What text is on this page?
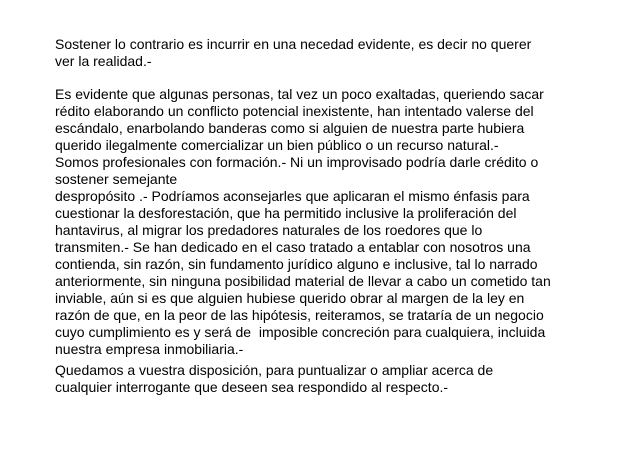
Sostener lo contrario es incurrir en una necedad evidente, es decir no querer
ver la realidad.-

Es evidente que algunas personas, tal vez un poco exaltadas, queriendo sacar
rédito elaborando un conflicto potencial inexistente, han intentado valerse del
escándalo, enarbolando banderas como si alguien de nuestra parte hubiera
querido ilegalmente comercializar un bien público o un recurso natural.-
Somos profesionales con formación.- Ni un improvisado podría darle crédito o
sostener semejante
despropósito .- Podríamos aconsejarles que aplicaran el mismo énfasis para
cuestionar la desforestación, que ha permitido inclusive la proliferación del
hantavirus, al migrar los predadores naturales de los roedores que lo
transmiten.- Se han dedicado en el caso tratado a entablar con nosotros una
contienda, sin razón, sin fundamento jurídico alguno e inclusive, tal lo narrado
anteriormente, sin ninguna posibilidad material de llevar a cabo un cometido tan
inviable, aún si es que alguien hubiese querido obrar al margen de la ley en
razón de que, en la peor de las hipótesis, reiteramos, se trataría de un negocio
cuyo cumplimiento es y será de  imposible concreción para cualquiera, incluida
nuestra empresa inmobiliaria.-

Quedamos a vuestra disposición, para puntualizar o ampliar acerca de
cualquier interrogante que deseen sea respondido al respecto.-
